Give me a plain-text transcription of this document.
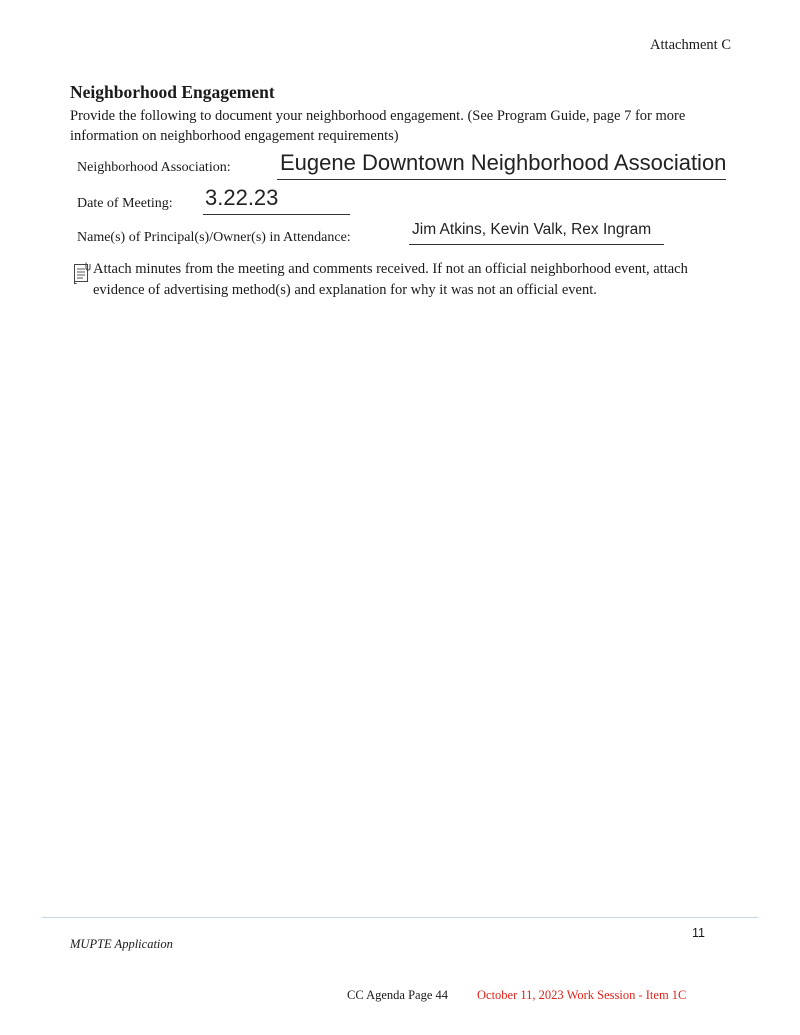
Attachment C
Neighborhood Engagement
Provide the following to document your neighborhood engagement. (See Program Guide, page 7 for more information on neighborhood engagement requirements)
Neighborhood Association: Eugene Downtown Neighborhood Association
Date of Meeting: 3.22.23
Name(s) of Principal(s)/Owner(s) in Attendance:	Jim Atkins, Kevin Valk, Rex Ingram
Attach minutes from the meeting and comments received. If not an official neighborhood event, attach evidence of advertising method(s) and explanation for why it was not an official event.
11
MUPTE Application
CC Agenda Page 44 October 11, 2023 Work Session - Item 1C
